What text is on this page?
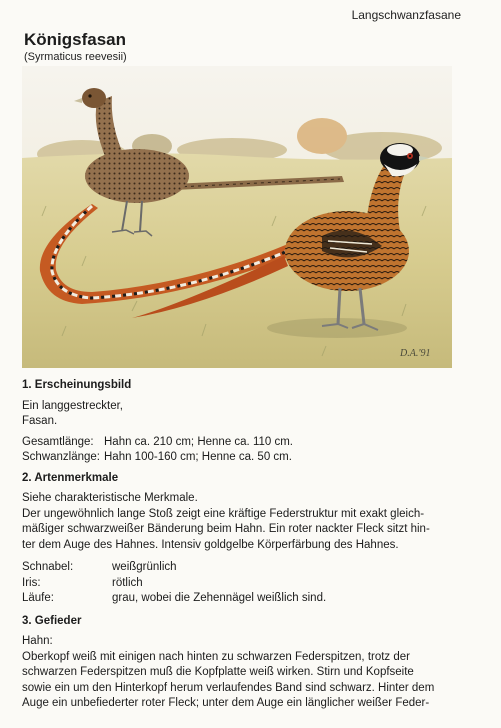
Langschwanzfasane
Königsfasan
(Syrmaticus reevesii)
D.A.'91

1. Erscheinungsbild

Ein langgestreckter,

Fasan.

Gesamtlänge: Hahn ca. 210 cm; Henne ca. 110 cm.
Schwanzlänge: Hahn 100-160 cm; Henne ca. 50 cm.

2. Artenmerkmale

Siehe charakteristische Merkmale.

Der ungewöhnlich lange Stoß zeigt eine kräftige Federstruktur mit exakt gleich-

mäßiger schwarzweißer Bänderung beim Hahn. Ein roter nackter Fleck sitzt hin-

ter dem Auge des Hahnes. Intensiv goldgelbe Körperfärbung des Hahnes.

Schnabel:	weißgrünlich
Iris:	rötlich
Läufe:	grau, wobei die Zehennägel weißlich sind.

3. Gefieder

Hahn:

Oberkopf weiß mit einigen nach hinten zu schwarzen Federspitzen, trotz der

schwarzen Federspitzen muß die Kopfplatte weiß wirken. Stirn und Kopfseite

sowie ein um den Hinterkopf herum verlaufendes Band sind schwarz. Hinter dem

Auge ein unbefiederter roter Fleck; unter dem Auge ein länglicher weißer Feder-
